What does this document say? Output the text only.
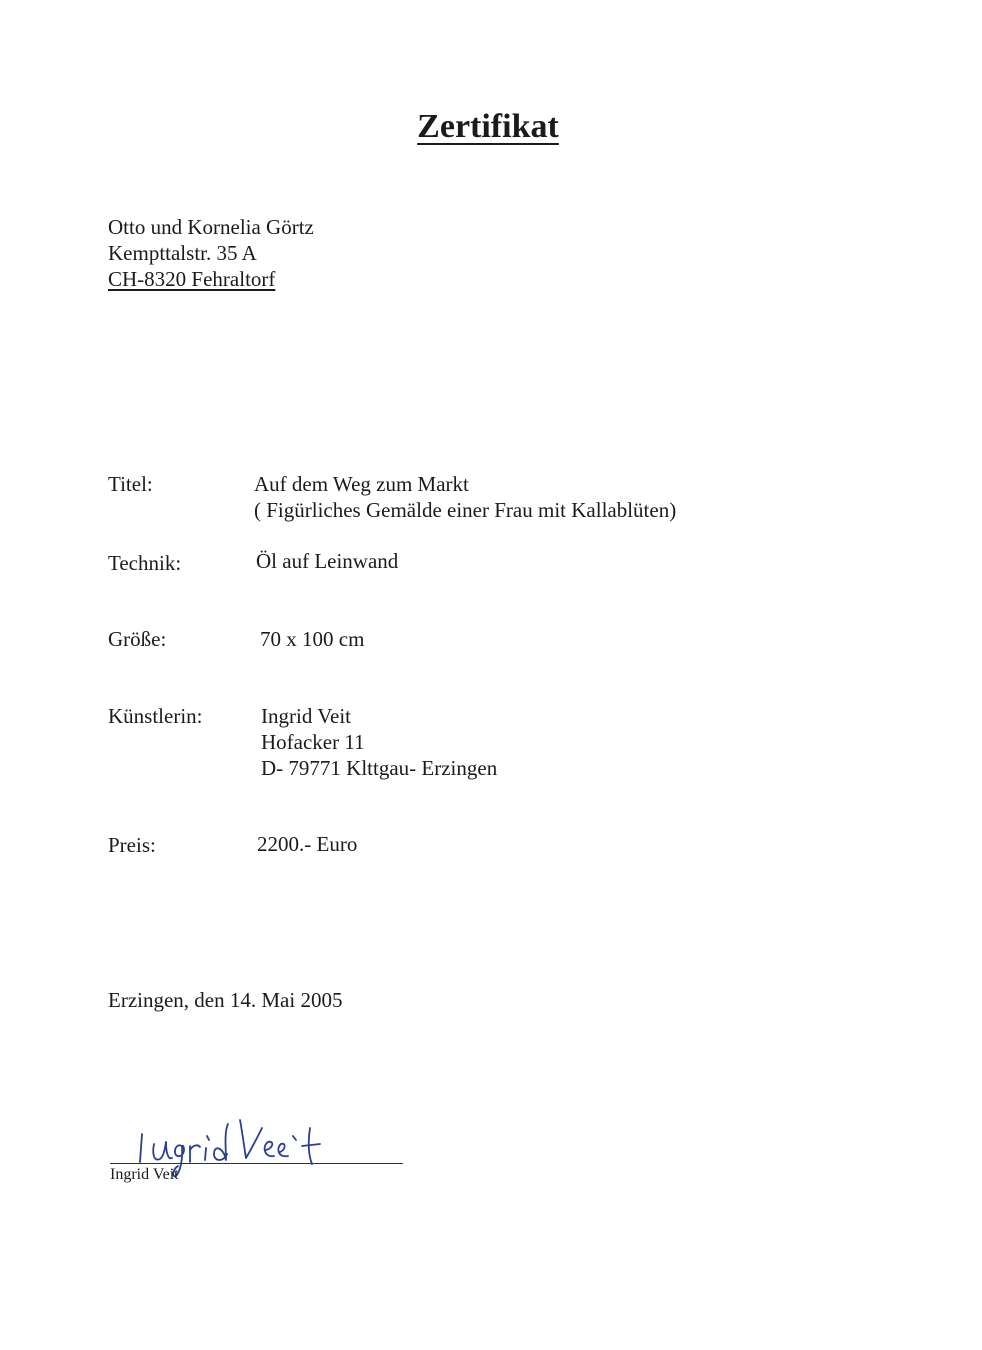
Zertifikat
Otto und Kornelia Görtz
Kempttalstr. 35 A
CH-8320 Fehraltorf
Titel:	Auf dem Weg zum Markt
( Figürliches Gemälde einer Frau mit Kallablüten)
Technik:	Öl auf Leinwand
Größe:	70 x 100 cm
Künstlerin:	Ingrid Veit
Hofacker 11
D- 79771 Klttgau- Erzingen
Preis:	2200.- Euro
Erzingen, den 14. Mai 2005
Ingrid Veit
